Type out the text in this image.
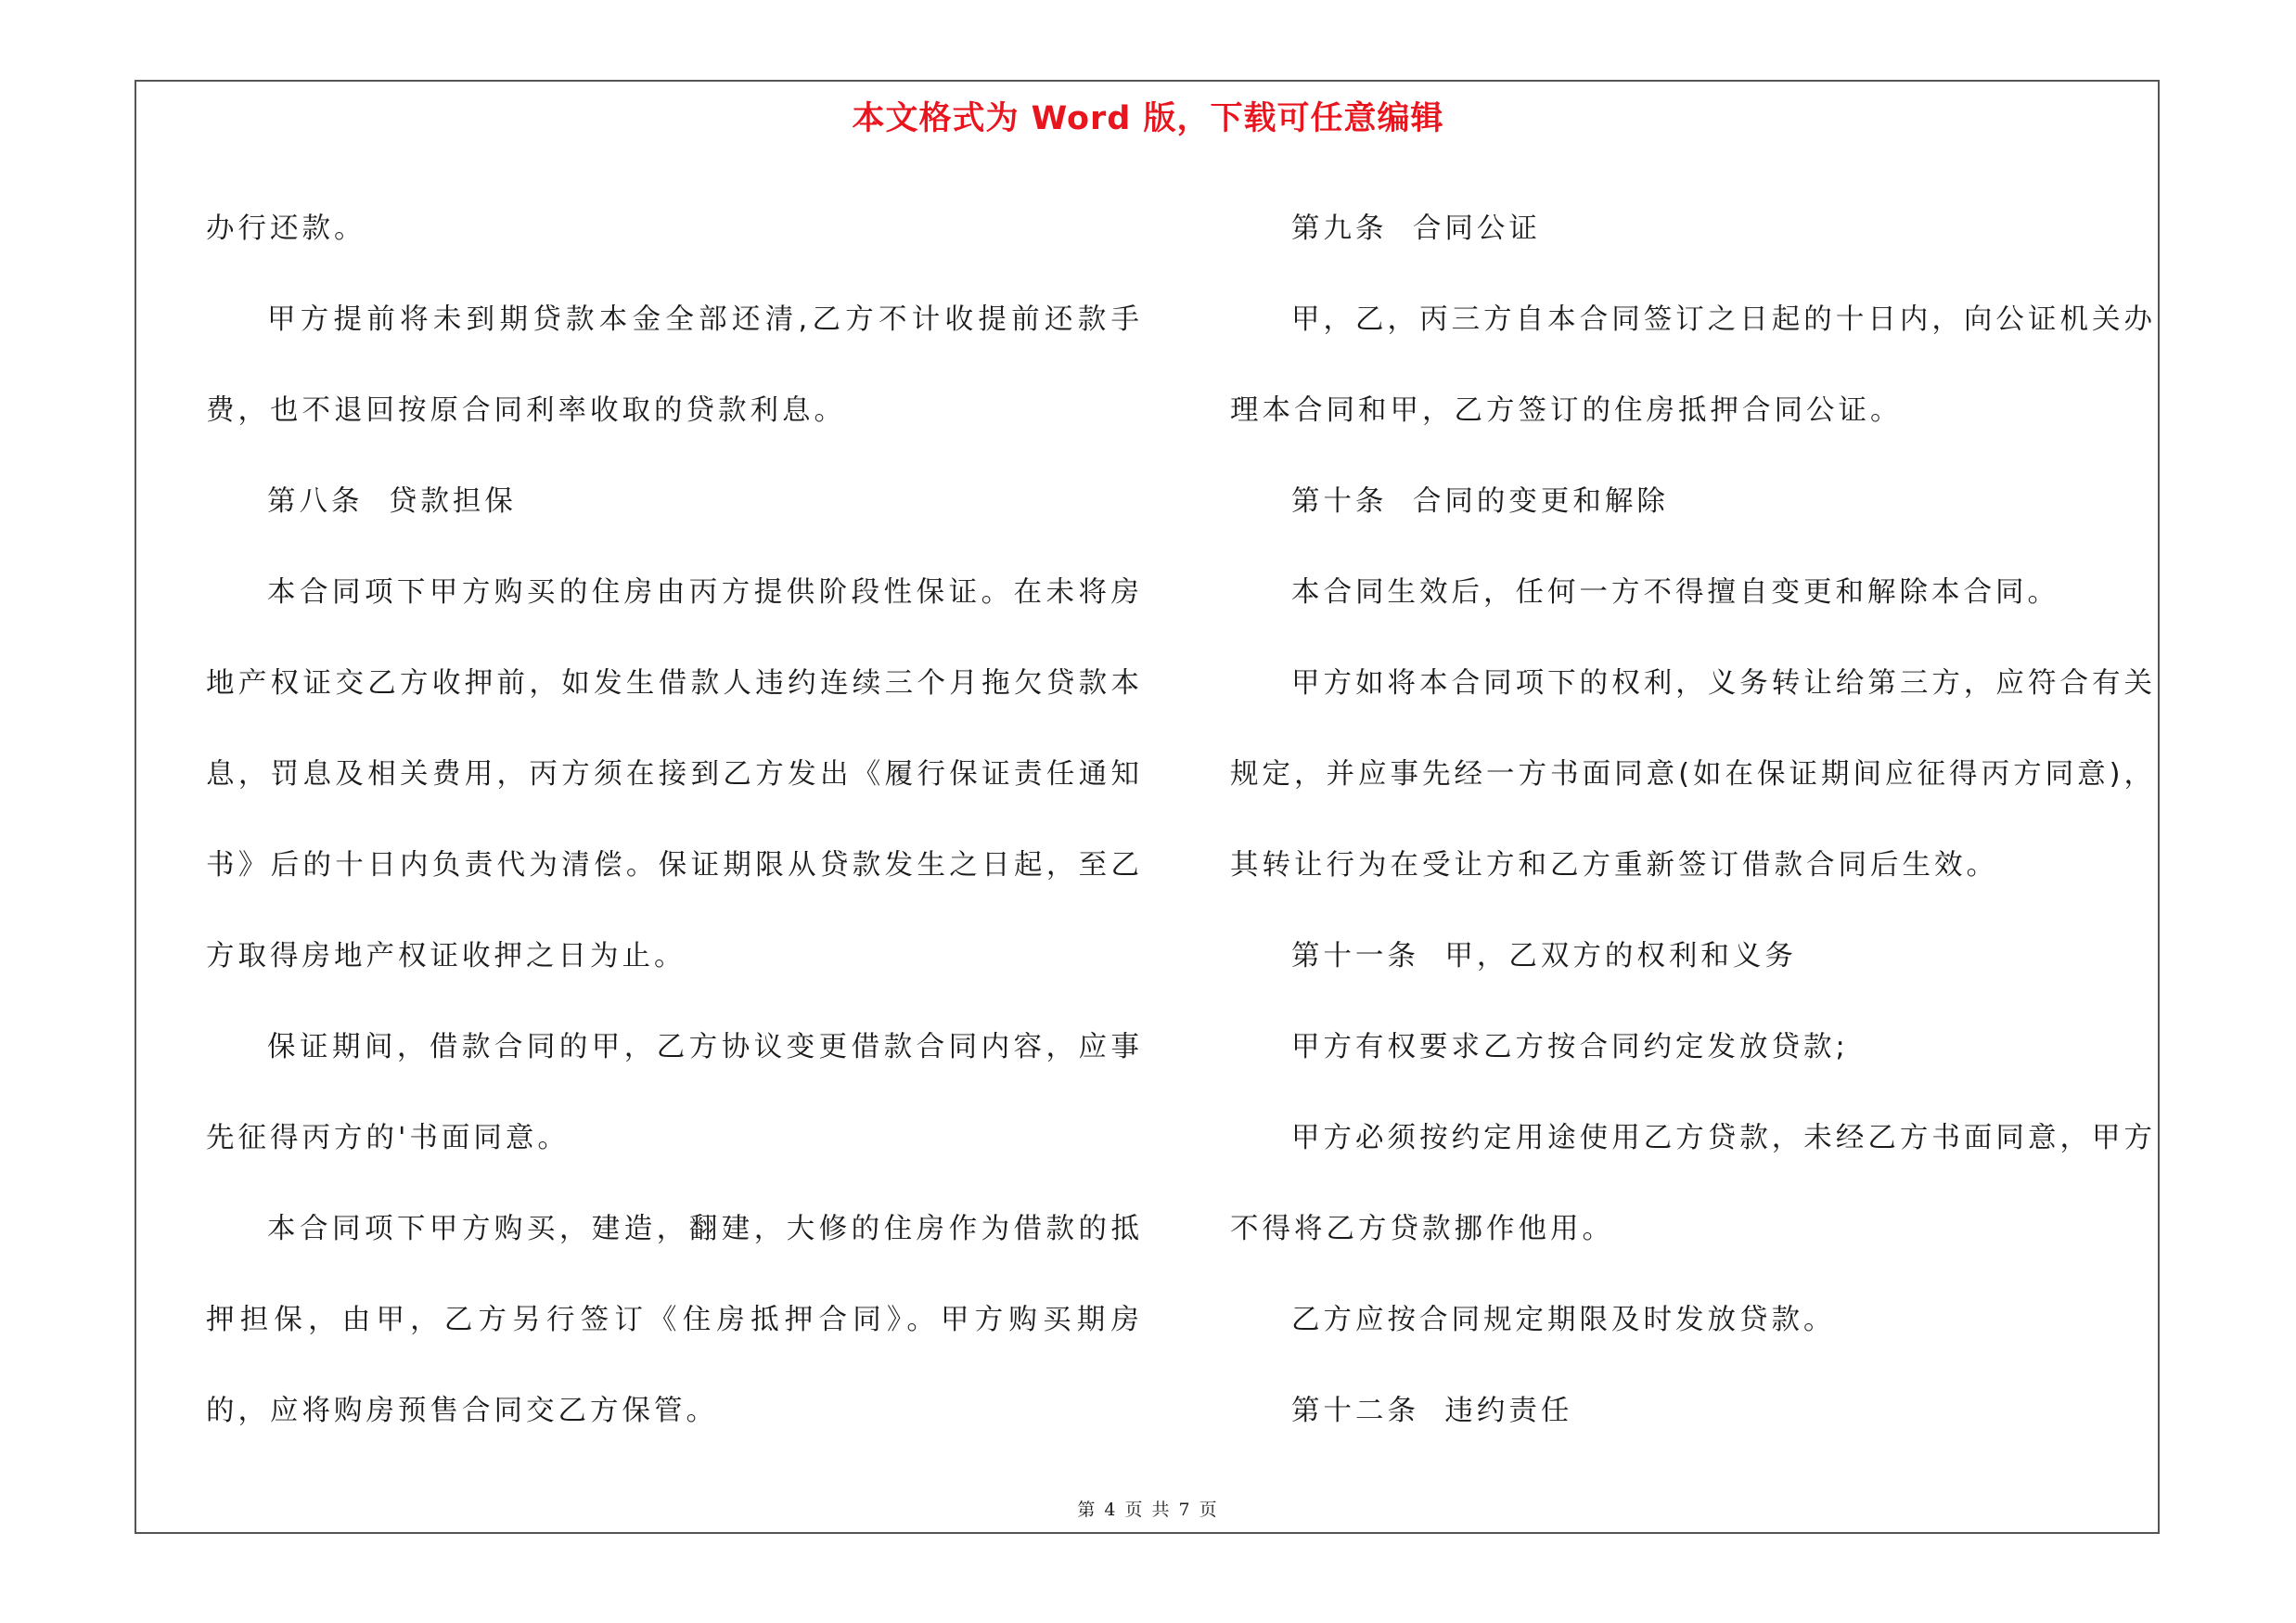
本文格式为 Word 版，下载可任意编辑

办行还款。

甲方提前将未到期贷款本金全部还清,乙方不计收提前还款手费，也不退回按原合同利率收取的贷款利息。

第八条  贷款担保

本合同项下甲方购买的住房由丙方提供阶段性保证。在未将房地产权证交乙方收押前，如发生借款人违约连续三个月拖欠贷款本息，罚息及相关费用，丙方须在接到乙方发出《履行保证责任通知书》后的十日内负责代为清偿。保证期限从贷款发生之日起，至乙方取得房地产权证收押之日为止。

保证期间，借款合同的甲，乙方协议变更借款合同内容，应事先征得丙方的'书面同意。

本合同项下甲方购买，建造，翻建，大修的住房作为借款的抵押担保，由甲，乙方另行签订《住房抵押合同》。甲方购买期房的，应将购房预售合同交乙方保管。

第九条  合同公证

甲，乙，丙三方自本合同签订之日起的十日内，向公证机关办理本合同和甲，乙方签订的住房抵押合同公证。

第十条  合同的变更和解除

本合同生效后，任何一方不得擅自变更和解除本合同。

甲方如将本合同项下的权利，义务转让给第三方，应符合有关规定，并应事先经一方书面同意(如在保证期间应征得丙方同意)，其转让行为在受让方和乙方重新签订借款合同后生效。

第十一条  甲，乙双方的权利和义务

甲方有权要求乙方按合同约定发放贷款;

甲方必须按约定用途使用乙方贷款，未经乙方书面同意，甲方不得将乙方贷款挪作他用。

乙方应按合同规定期限及时发放贷款。

第十二条  违约责任

第 4 页 共 7 页
